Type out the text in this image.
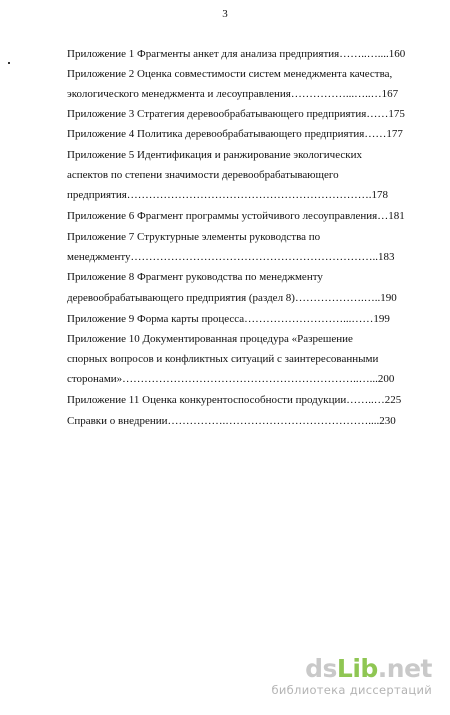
3
Приложение 1 Фрагменты анкет для анализа предприятия……..…....160
Приложение 2 Оценка совместимости систем менеджмента качества,
экологического менеджмента и лесоуправления……………...…..…167
Приложение 3 Стратегия деревообрабатывающего предприятия……175
Приложение 4 Политика деревообрабатывающего предприятия……177
Приложение 5 Идентификация и ранжирование экологических
аспектов по степени значимости деревообрабатывающего
предприятия………………………………………………………….178
Приложение 6 Фрагмент программы устойчивого лесоуправления…181
Приложение 7 Структурные элементы руководства по
менеджменту…………………………………………………………..183
Приложение 8 Фрагмент руководства по менеджменту
деревообрабатывающего предприятия (раздел 8)……………….…..190
Приложение 9 Форма карты процесса………………………...……199
Приложение 10 Документированная процедура «Разрешение
спорных вопросов и конфликтных ситуаций с заинтересованными
сторонами»………………………………………………………..…...200
Приложение 11 Оценка конкурентоспособности продукции……..…225
Справки о внедрении…………….…………………………………....230
dsLib.net
библиотека диссертаций
